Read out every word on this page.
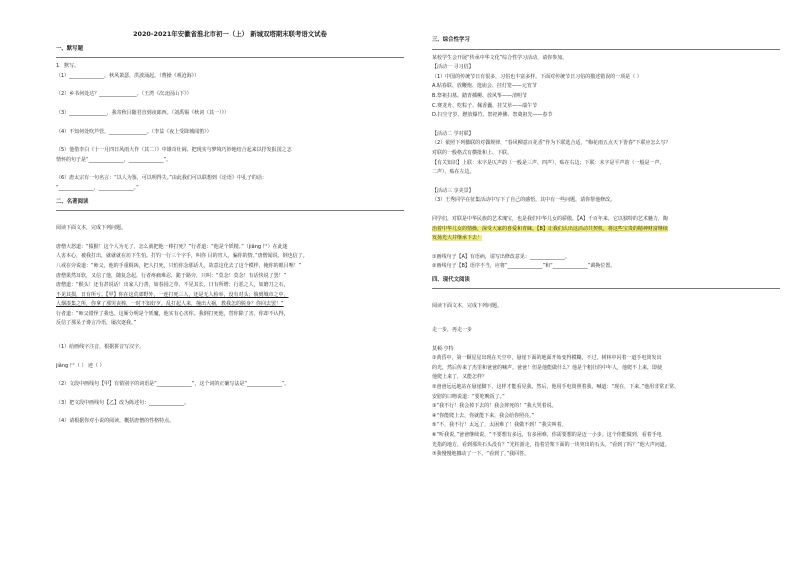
2020-2021年安徽省淮北市初一（上） 新城双塔期末联考语文试卷
一、默写题
1．默写。
（1）______________，秋风萧瑟，洪波涌起。（曹操《观沧海》）
（2）乡书何处达？_______________。（王湾《次北固山下》）
（3）_______________，我寄秋目随君直到夜郎西。（刘禹锡《秋词（其一）》）
（4）不知何处吹芦管，_______________。（李益《夜上受降城闻笛》）
（5）他借李白《十一月四日风雨大作（其二）》中雄奇壮阔、把现实与梦境巧妙地结合起来以抒发报国之志
情怀的句子是“______________，______________”。
（6）唐太宗有一句名言：“以人为鉴，可以明得失。”由此我们可以联想到《论语》中孔子的话：
“______________，______________。”
二、名著阅读
阅读下面文本，完成下列问题。
唐僧大怒道：“猿猴！这个人为无了，怎么就把他一棒打死？”行者道：“他是个妖精。”（jiǎng 尸）在此迷
人害本心，被我打出，就就就在坊下生怕。打钓一行三个字手，叫你 目的宵人，骗你的情。”唐僧闻说，倒也信了。
八戒在旁说道：“师父，他的手重棍凶，把人打死，只怕你念那话儿，故意这化去了这个模样，掩你的眼目哩！”
唐僧果然耳软，又信了他，随复念起。行者疼痛难忍，跪于路旁，只叫：“莫念！莫念！有话快说了罢！”
唐僧道：“猴头！还有甚说话！出家人行善，如春园之草，不见其长，日有所增；行恶之人，如磨刀之石，
不见其损，日有所亏。【甲】你在这荒郊野外，一连打死三人，还是无人检举，没有对头；倘到城市之中，
人烟凑集之所，你拿了那哭丧棒，一时不知好歹，乱打起人来，撞出大祸，教我怎的脱身？你回去罢！”
行者道：“师父错怪了我也。这厮分明是个妖魔，他实有心害你。我倒打死他，替你除了害，你却不认得，
反信了那呆子谗言冷语，屡次逐我。”
（1）给画线字注音，根据拼音写汉字。
jiǎng 尸（ ） 迹（ ）
（2）文段中画线句【甲】有错别字的词语是“______________”，这个词的正确写法是“______________”。
（3）把文段中画线句【乙】改为陈述句：______________。
（4）请根据你对小说的阅读，概括唐僧的性格特点。
三、综合性学习
某校学生会开展“传承中华文化”综合性学习活动，请你参加。
【活动一 寻习俗】
（1）中国的传统节日有很多，习俗也丰富多样。下面对传统节日习俗的描述错误的一项是（ ）
A.贴春联、放鞭炮、逛庙会、挂灯笼——元宵节
B.祭祖扫墓、踏青插柳、放风筝——清明节
C.赛龙舟、吃粽子、佩香囊、挂艾草——端午节
D.扫尘守岁、燃放爆竹、祭祀神佛、祭奠祖先——春节
【活动二 学对联】
（2）依照下列楹联的对偶规律，“春风柳意百花香”作为下联选合适，“梅花雨五点天下皆春”下联应怎么写？
对联的一般格式有横批和上、下联。
【有关知识】上联：末字是仄声韵（一般是三声、四声），贴在右边；下联：末字是平声韵（一般是一声、
二声），贴在左边。
【活动三 享美景】
（3）王秀同学在征集活动中写下了自己的感悟，其中有一些问题，请你帮他修改。
同学们，对联是中华民族的艺术瑰宝，也是我们中华儿女的骄傲。【A】千百年来，它以独特的艺术魅力，陶
治着中华儿女的情操，深受大家的喜爱和青睐。【B】让我们认出这活动共契机，将这些宝贵的精神财富继续
发扬光大并继承下去！
①画线句子【A】有语病，请写出修改意见：______________。
②画线句子【B】语序不当，应将“______________”和“______________”调换位置。
四、现代文阅读
阅读下面文本，完成下列问题。
走一步，再走一步
莫顿·亨特
①黄昏中，第一颗星星出现在天空中，悬崖下面的地面开始变得模糊。不过，树林中闪着一道手电筒发出
的光，然后传来了杰里和爸爸的喊声。爸爸！但是他能做什么？他是个粗壮的中年人，他爬不上来，即使
他爬上来了，又能怎样？
②爸爸远远地站在悬崖脚下，这样才能看见我，然后，他用手电筒照着我，喊道：“现在，下来，”他用非常正常、
安慰的口吻说道：“要吃晚饭了。”
③“我不行！我会掉下去的！我会摔死的！”我大哭着说。
④“你能爬上去，你就能下来，我会给你照亮。”
⑤“不，我不行！太远了，太困难了！我做不到！”我尖叫着。
⑥“听我说，”爸爸继续说，“不要想有多远，有多困难，你需要想的是迈一小步。这个你能做到，看着手电
光指的地方，看到那块石头没有？”光柱游走，指着岩架下面的一块突出的石头。“看到了吗？”他大声问道。
⑦我慢慢地挪动了一下。“看到了，”我回答。
